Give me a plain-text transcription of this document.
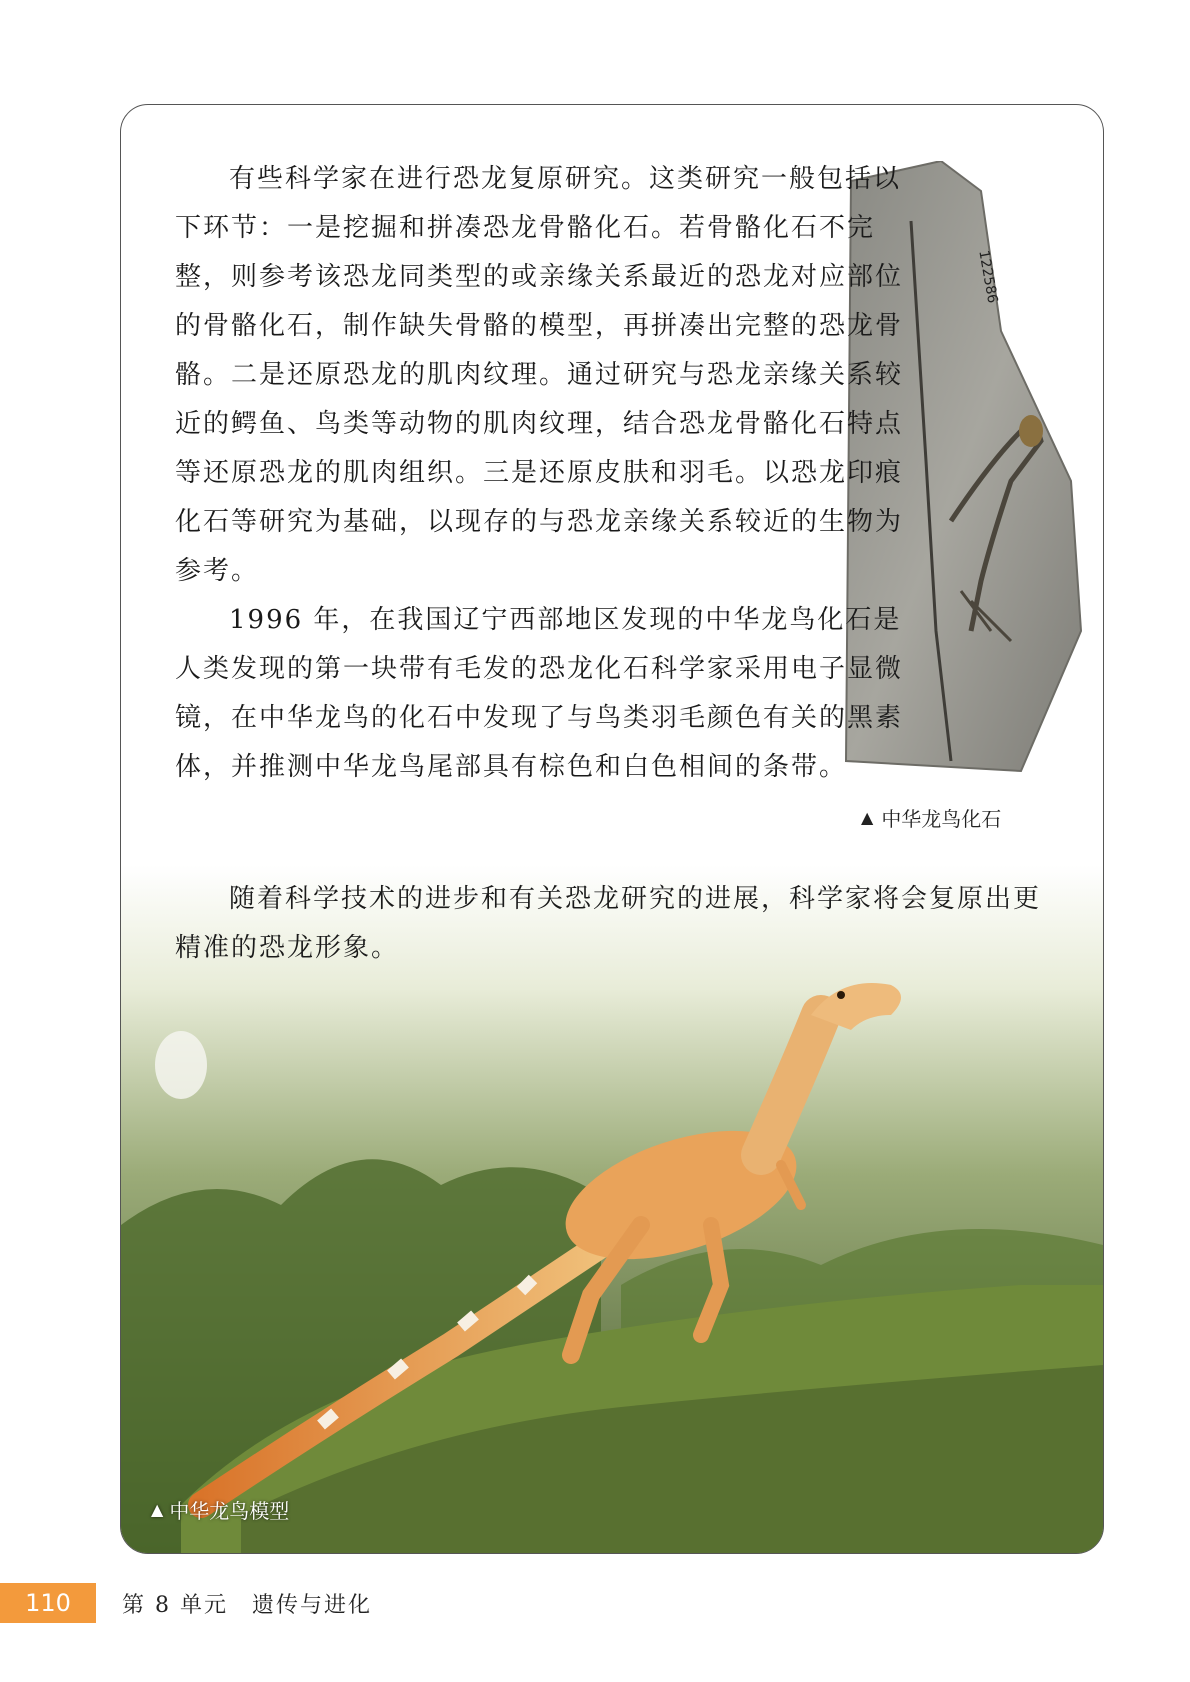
有些科学家在进行恐龙复原研究。这类研究一般包括以下环节：一是挖掘和拼凑恐龙骨骼化石。若骨骼化石不完整，则参考该恐龙同类型的或亲缘关系最近的恐龙对应部位的骨骼化石，制作缺失骨骼的模型，再拼凑出完整的恐龙骨骼。二是还原恐龙的肌肉纹理。通过研究与恐龙亲缘关系较近的鳄鱼、鸟类等动物的肌肉纹理，结合恐龙骨骼化石特点等还原恐龙的肌肉组织。三是还原皮肤和羽毛。以恐龙印痕化石等研究为基础，以现存的与恐龙亲缘关系较近的生物为参考。

1996 年，在我国辽宁西部地区发现的中华龙鸟化石是人类发现的第一块带有毛发的恐龙化石科学家采用电子显微镜，在中华龙鸟的化石中发现了与鸟类羽毛颜色有关的黑素体，并推测中华龙鸟尾部具有棕色和白色相间的条带。

随着科学技术的进步和有关恐龙研究的进展，科学家将会复原出更精准的恐龙形象。

122586
▲ 中华龙鸟化石
▲ 中华龙鸟模型
110	第 8 单元 遗传与进化
